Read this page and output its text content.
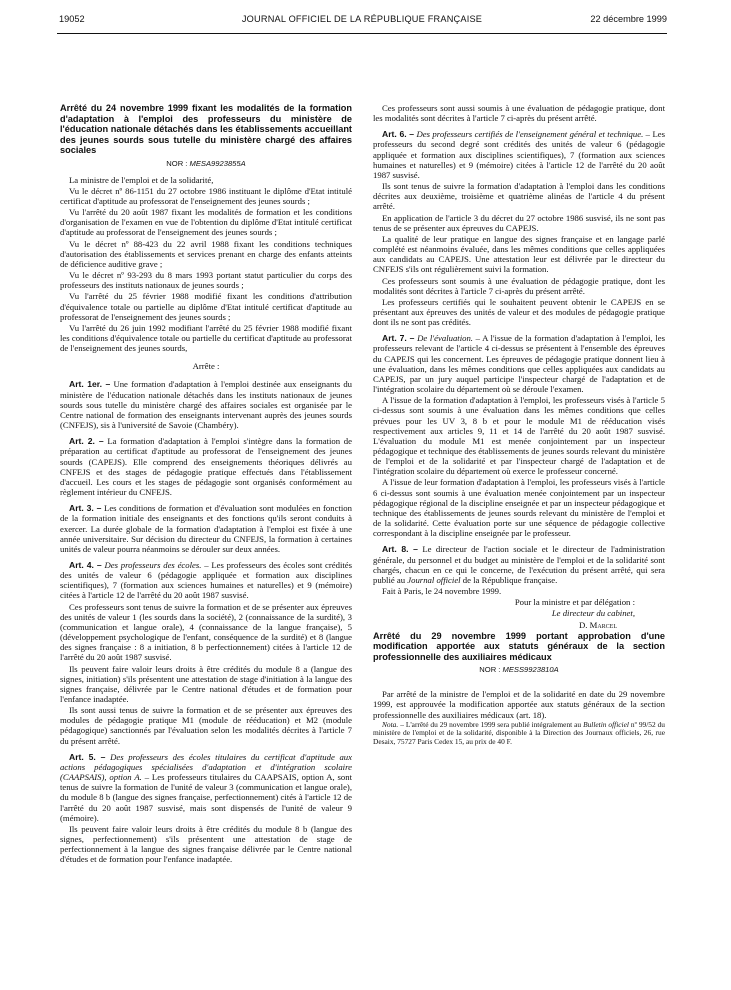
19052	JOURNAL OFFICIEL DE LA RÉPUBLIQUE FRANÇAISE	22 décembre 1999

Arrêté du 24 novembre 1999 fixant les modalités de la formation d'adaptation à l'emploi des professeurs du ministère de l'éducation nationale détachés dans les établissements accueillant des jeunes sourds sous tutelle du ministère chargé des affaires sociales

NOR : MESA9923855A

La ministre de l'emploi et de la solidarité,

Vu le décret nº 86-1151 du 27 octobre 1986 instituant le diplôme d'Etat intitulé certificat d'aptitude au professorat de l'enseignement des jeunes sourds ;

Vu l'arrêté du 20 août 1987 fixant les modalités de formation et les conditions d'organisation de l'examen en vue de l'obtention du diplôme d'Etat intitulé certificat d'aptitude au professorat de l'enseignement des jeunes sourds ;

Vu le décret nº 88-423 du 22 avril 1988 fixant les conditions techniques d'autorisation des établissements et services prenant en charge des enfants atteints de déficience auditive grave ;

Vu le décret nº 93-293 du 8 mars 1993 portant statut particulier du corps des professeurs des instituts nationaux de jeunes sourds ;

Vu l'arrêté du 25 février 1988 modifié fixant les conditions d'attribution d'équivalence totale ou partielle au diplôme d'Etat intitulé certificat d'aptitude au professorat de l'enseignement des jeunes sourds ;

Vu l'arrêté du 26 juin 1992 modifiant l'arrêté du 25 février 1988 modifié fixant les conditions d'équivalence totale ou partielle du certificat d'aptitude au professorat de l'enseignement des jeunes sourds,

Arrête :

Art. 1er. – Une formation d'adaptation à l'emploi destinée aux enseignants du ministère de l'éducation nationale détachés dans les instituts nationaux de jeunes sourds sous tutelle du ministère chargé des affaires sociales est organisée par le Centre national de formation des enseignants intervenant auprès des jeunes sourds (CNFEJS), sis à l'université de Savoie (Chambéry).

Art. 2. – La formation d'adaptation à l'emploi s'intègre dans la formation de préparation au certificat d'aptitude au professorat de l'enseignement des jeunes sourds (CAPEJS). Elle comprend des enseignements théoriques délivrés au CNFEJS et des stages de pédagogie pratique effectués dans l'établissement d'accueil. Les cours et les stages de pédagogie sont organisés conformément au règlement intérieur du CNFEJS.

Art. 3. – Les conditions de formation et d'évaluation sont modulées en fonction de la formation initiale des enseignants et des fonctions qu'ils seront conduits à exercer. La durée globale de la formation d'adaptation à l'emploi est fixée à une année universitaire. Sur décision du directeur du CNFEJS, la formation à certaines unités de valeur pourra néanmoins se dérouler sur deux années.

Art. 4. – Des professeurs des écoles. – Les professeurs des écoles sont crédités des unités de valeur 6 (pédagogie appliquée et formation aux disciplines scientifiques), 7 (formation aux sciences humaines et naturelles) et 9 (mémoire) citées à l'article 12 de l'arrêté du 20 août 1987 susvisé.

Ces professeurs sont tenus de suivre la formation et de se présenter aux épreuves des unités de valeur 1 (les sourds dans la société), 2 (connaissance de la surdité), 3 (communication et langue orale), 4 (connaissance de la langue française), 5 (développement psychologique de l'enfant, conséquence de la surdité) et 8 (langue des signes française : 8 a initiation, 8 b perfectionnement) citées à l'article 12 de l'arrêté du 20 août 1987 susvisé.

Ils peuvent faire valoir leurs droits à être crédités du module 8 a (langue des signes, initiation) s'ils présentent une attestation de stage d'initiation à la langue des signes française, délivrée par le Centre national d'études et de formation pour l'enfance inadaptée.

Ils sont aussi tenus de suivre la formation et de se présenter aux épreuves des modules de pédagogie pratique M1 (module de rééducation) et M2 (module pédagogique) sanctionnés par l'évaluation selon les modalités décrites à l'article 7 du présent arrêté.

Art. 5. – Des professeurs des écoles titulaires du certificat d'aptitude aux actions pédagogiques spécialisées d'adaptation et d'intégration scolaire (CAAPSAIS), option A. – Les professeurs titulaires du CAAPSAIS, option A, sont tenus de suivre la formation de l'unité de valeur 3 (communication et langue orale), du module 8 b (langue des signes française, perfectionnement) cités à l'article 12 de l'arrêté du 20 août 1987 susvisé, mais sont dispensés de l'unité de valeur 9 (mémoire).

Ils peuvent faire valoir leurs droits à être crédités du module 8 b (langue des signes, perfectionnement) s'ils présentent une attestation de stage de perfectionnement à la langue des signes française délivrée par le Centre national d'études et de formation pour l'enfance inadaptée.

Ces professeurs sont aussi soumis à une évaluation de pédagogie pratique, dont les modalités sont décrites à l'article 7 ci-après du présent arrêté.

Art. 6. – Des professeurs certifiés de l'enseignement général et technique. – Les professeurs du second degré sont crédités des unités de valeur 6 (pédagogie appliquée et formation aux disciplines scientifiques), 7 (formation aux sciences humaines et naturelles) et 9 (mémoire) citées à l'article 12 de l'arrêté du 20 août 1987 susvisé.

Ils sont tenus de suivre la formation d'adaptation à l'emploi dans les conditions décrites aux deuxième, troisième et quatrième alinéas de l'article 4 du présent arrêté.

En application de l'article 3 du décret du 27 octobre 1986 susvisé, ils ne sont pas tenus de se présenter aux épreuves du CAPEJS.

La qualité de leur pratique en langue des signes française et en langage parlé complété est néanmoins évaluée, dans les mêmes conditions que celles appliquées aux candidats au CAPEJS. Une attestation leur est délivrée par le directeur du CNFEJS s'ils ont régulièrement suivi la formation.

Ces professeurs sont soumis à une évaluation de pédagogie pratique, dont les modalités sont décrites à l'article 7 ci-après du présent arrêté.

Les professeurs certifiés qui le souhaitent peuvent obtenir le CAPEJS en se présentant aux épreuves des unités de valeur et des modules de pédagogie pratique dont ils ne sont pas crédités.

Art. 7. – De l'évaluation. – A l'issue de la formation d'adaptation à l'emploi, les professeurs relevant de l'article 4 ci-dessus se présentent à l'ensemble des épreuves du CAPEJS qui les concernent. Les épreuves de pédagogie pratique donnent lieu à une évaluation, dans les mêmes conditions que celles appliquées aux candidats au CAPEJS, par un jury auquel participe l'inspecteur chargé de l'adaptation et de l'intégration scolaire du département où se déroule l'examen.

A l'issue de la formation d'adaptation à l'emploi, les professeurs visés à l'article 5 ci-dessus sont soumis à une évaluation dans les mêmes conditions que celles prévues pour les UV 3, 8 b et pour le module M1 de rééducation visés respectivement aux articles 9, 11 et 14 de l'arrêté du 20 août 1987 susvisé. L'évaluation du module M1 est menée conjointement par un inspecteur pédagogique et technique des établissements de jeunes sourds relevant du ministère de l'emploi et de la solidarité et par l'inspecteur chargé de l'adaptation et de l'intégration scolaire du département où exerce le professeur concerné.

A l'issue de leur formation d'adaptation à l'emploi, les professeurs visés à l'article 6 ci-dessus sont soumis à une évaluation menée conjointement par un inspecteur pédagogique régional de la discipline enseignée et par un inspecteur pédagogique et technique des établissements de jeunes sourds relevant du ministère de l'emploi et de la solidarité. Cette évaluation porte sur une séquence de pédagogie collective correspondant à la discipline enseignée par le professeur.

Art. 8. – Le directeur de l'action sociale et le directeur de l'administration générale, du personnel et du budget au ministère de l'emploi et de la solidarité sont chargés, chacun en ce qui le concerne, de l'exécution du présent arrêté, qui sera publié au Journal officiel de la République française.

Fait à Paris, le 24 novembre 1999.

Pour la ministre et par délégation :

Le directeur du cabinet,

D. Marcel

Arrêté du 29 novembre 1999 portant approbation d'une modification apportée aux statuts généraux de la section professionnelle des auxiliaires médicaux

NOR : MESS9923810A

Par arrêté de la ministre de l'emploi et de la solidarité en date du 29 novembre 1999, est approuvée la modification apportée aux statuts généraux de la section professionnelle des auxiliaires médicaux (art. 18).

Nota. – L'arrêté du 29 novembre 1999 sera publié intégralement au Bulletin officiel nº 99/52 du ministère de l'emploi et de la solidarité, disponible à la Direction des Journaux officiels, 26, rue Desaix, 75727 Paris Cedex 15, au prix de 40 F.
